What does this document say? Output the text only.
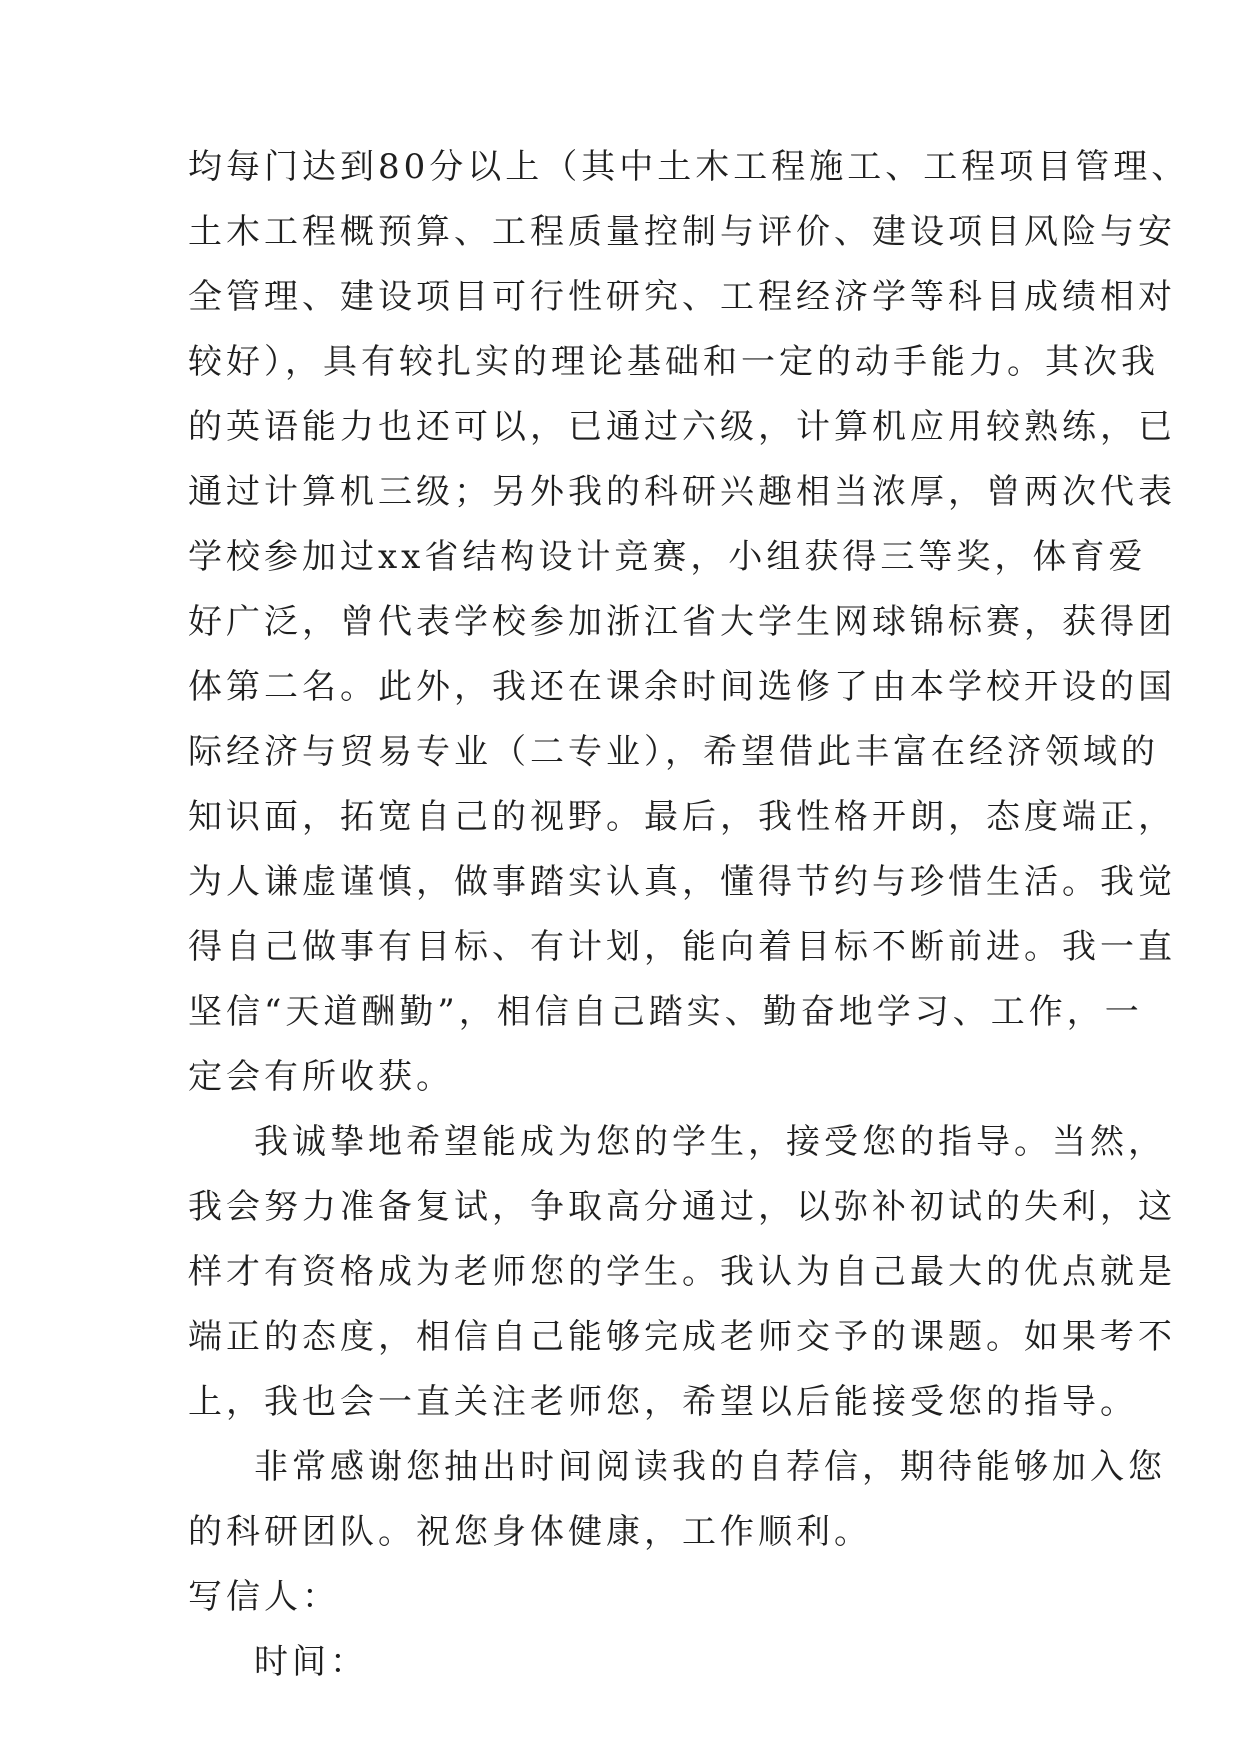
均每门达到80分以上（其中土木工程施工、工程项目管理、
土木工程概预算、工程质量控制与评价、建设项目风险与安
全管理、建设项目可行性研究、工程经济学等科目成绩相对
较好），具有较扎实的理论基础和一定的动手能力。其次我
的英语能力也还可以，已通过六级，计算机应用较熟练，已
通过计算机三级；另外我的科研兴趣相当浓厚，曾两次代表
学校参加过xx省结构设计竞赛，小组获得三等奖，体育爱
好广泛，曾代表学校参加浙江省大学生网球锦标赛，获得团
体第二名。此外，我还在课余时间选修了由本学校开设的国
际经济与贸易专业（二专业），希望借此丰富在经济领域的
知识面，拓宽自己的视野。最后，我性格开朗，态度端正，
为人谦虚谨慎，做事踏实认真，懂得节约与珍惜生活。我觉
得自己做事有目标、有计划，能向着目标不断前进。我一直
坚信“天道酬勤”，相信自己踏实、勤奋地学习、工作，一
定会有所收获。
我诚挚地希望能成为您的学生，接受您的指导。当然，
我会努力准备复试，争取高分通过，以弥补初试的失利，这
样才有资格成为老师您的学生。我认为自己最大的优点就是
端正的态度，相信自己能够完成老师交予的课题。如果考不
上，我也会一直关注老师您，希望以后能接受您的指导。
非常感谢您抽出时间阅读我的自荐信，期待能够加入您
的科研团队。祝您身体健康，工作顺利。
写信人：
时间：
